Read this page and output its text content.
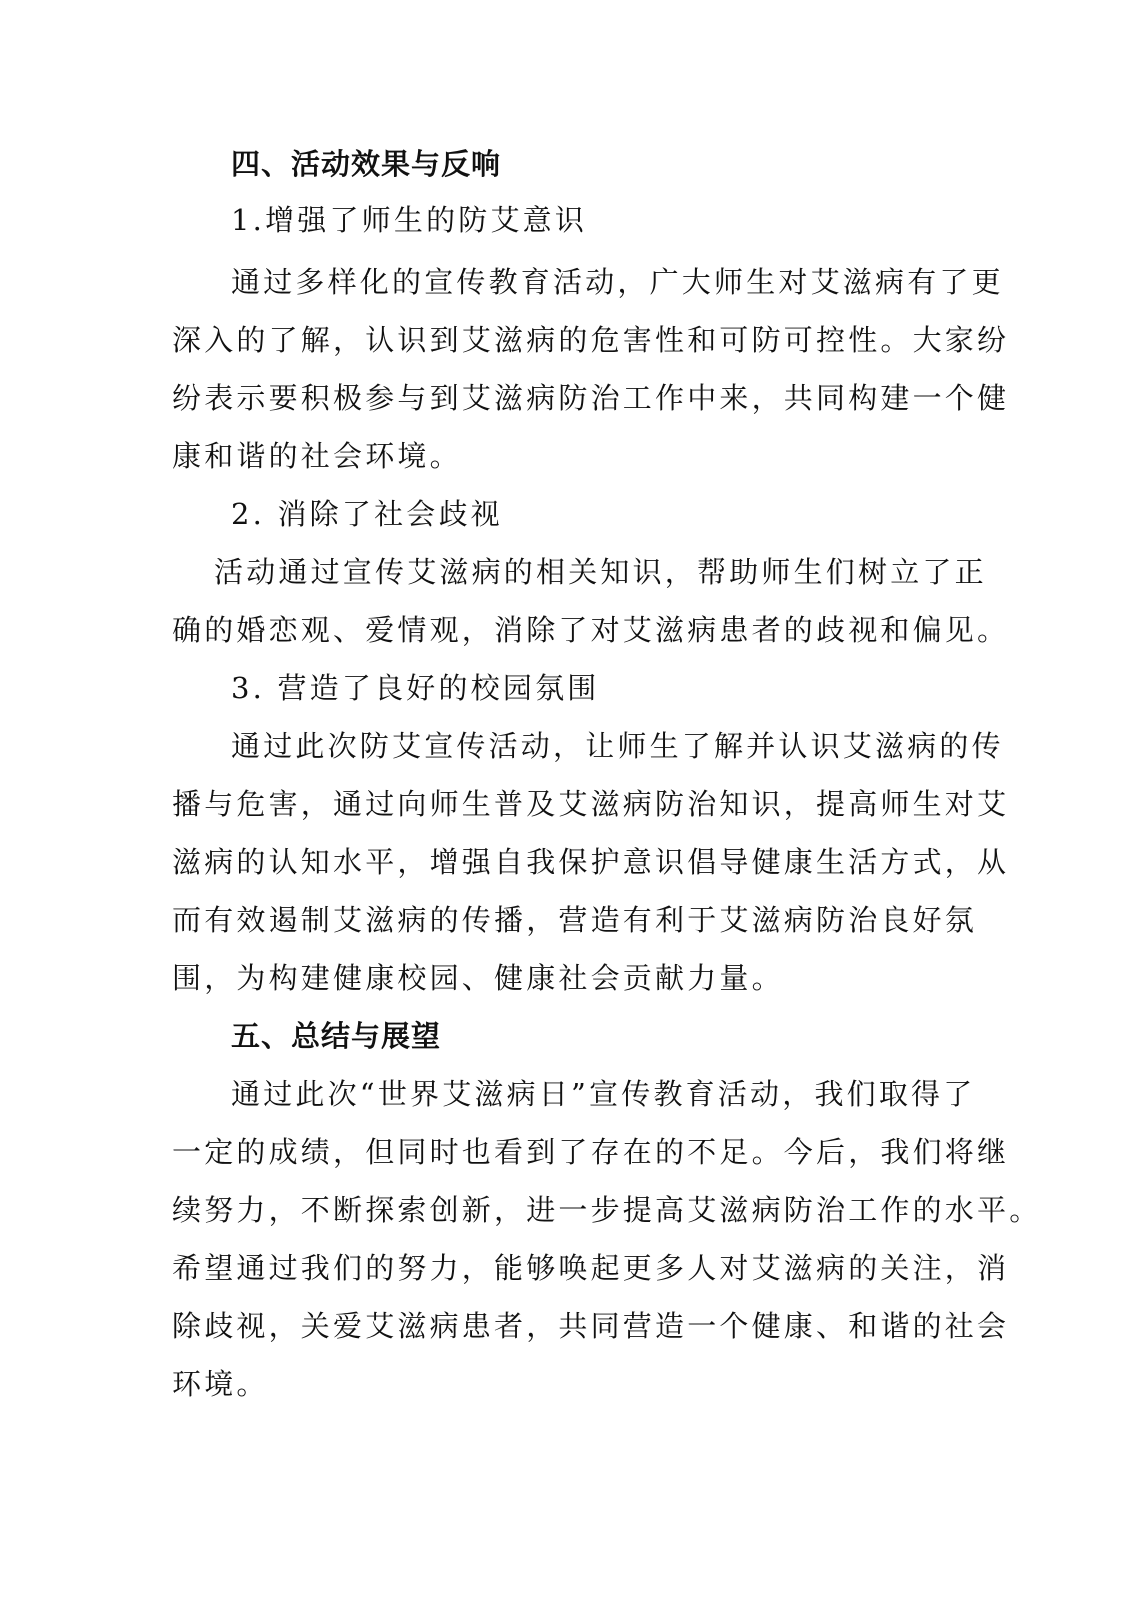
四、活动效果与反响
1.增强了师生的防艾意识
通过多样化的宣传教育活动，广大师生对艾滋病有了更
深入的了解，认识到艾滋病的危害性和可防可控性。大家纷
纷表示要积极参与到艾滋病防治工作中来，共同构建一个健
康和谐的社会环境。
2. 消除了社会歧视
活动通过宣传艾滋病的相关知识，帮助师生们树立了正
确的婚恋观、爱情观，消除了对艾滋病患者的歧视和偏见。
3. 营造了良好的校园氛围
通过此次防艾宣传活动，让师生了解并认识艾滋病的传
播与危害，通过向师生普及艾滋病防治知识，提高师生对艾
滋病的认知水平，增强自我保护意识倡导健康生活方式，从
而有效遏制艾滋病的传播，营造有利于艾滋病防治良好氛
围，为构建健康校园、健康社会贡献力量。
五、总结与展望
通过此次“世界艾滋病日”宣传教育活动，我们取得了
一定的成绩，但同时也看到了存在的不足。今后，我们将继
续努力，不断探索创新，进一步提高艾滋病防治工作的水平。
希望通过我们的努力，能够唤起更多人对艾滋病的关注，消
除歧视，关爱艾滋病患者，共同营造一个健康、和谐的社会
环境。
